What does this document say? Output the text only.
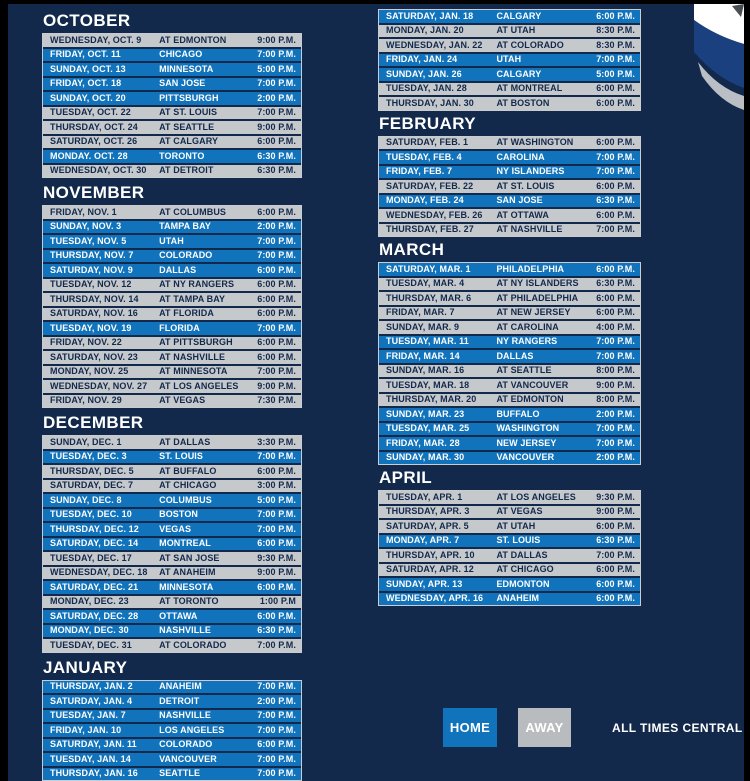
OCTOBER
WEDNESDAY, OCT. 9	AT EDMONTON	9:00 P.M.
FRIDAY, OCT. 11	CHICAGO	7:00 P.M.
SUNDAY, OCT. 13	MINNESOTA	5:00 P.M.
FRIDAY, OCT. 18	SAN JOSE	7:00 P.M.
SUNDAY, OCT. 20	PITTSBURGH	2:00 P.M.
TUESDAY, OCT. 22	AT ST. LOUIS	7:00 P.M.
THURSDAY, OCT. 24	AT SEATTLE	9:00 P.M.
SATURDAY, OCT. 26	AT CALGARY	6:00 P.M.
MONDAY. OCT. 28	TORONTO	6:30 P.M.
WEDNESDAY, OCT. 30	AT DETROIT	6:30 P.M.
NOVEMBER
FRIDAY, NOV. 1	AT COLUMBUS	6:00 P.M.
SUNDAY, NOV. 3	TAMPA BAY	2:00 P.M.
TUESDAY, NOV. 5	UTAH	7:00 P.M.
THURSDAY, NOV. 7	COLORADO	7:00 P.M.
SATURDAY, NOV. 9	DALLAS	6:00 P.M.
TUESDAY, NOV. 12	AT NY RANGERS	6:00 P.M.
THURSDAY, NOV. 14	AT TAMPA BAY	6:00 P.M.
SATURDAY, NOV. 16	AT FLORIDA	6:00 P.M.
TUESDAY, NOV. 19	FLORIDA	7:00 P.M.
FRIDAY, NOV. 22	AT PITTSBURGH	6:00 P.M.
SATURDAY, NOV. 23	AT NASHVILLE	6:00 P.M.
MONDAY, NOV. 25	AT MINNESOTA	7:00 P.M.
WEDNESDAY, NOV. 27	AT LOS ANGELES	9:00 P.M.
FRIDAY, NOV. 29	AT VEGAS	7:30 P.M.
DECEMBER
SUNDAY, DEC. 1	AT DALLAS	3:30 P.M.
TUESDAY, DEC. 3	ST. LOUIS	7:00 P.M.
THURSDAY, DEC. 5	AT BUFFALO	6:00 P.M.
SATURDAY, DEC. 7	AT CHICAGO	3:00 P.M.
SUNDAY, DEC. 8	COLUMBUS	5:00 P.M.
TUESDAY, DEC. 10	BOSTON	7:00 P.M.
THURSDAY, DEC. 12	VEGAS	7:00 P.M.
SATURDAY, DEC. 14	MONTREAL	6:00 P.M.
TUESDAY, DEC. 17	AT SAN JOSE	9:30 P.M.
WEDNESDAY, DEC. 18	AT ANAHEIM	9:00 P.M.
SATURDAY, DEC. 21	MINNESOTA	6:00 P.M.
MONDAY, DEC. 23	AT TORONTO	1:00 P.M
SATURDAY, DEC. 28	OTTAWA	6:00 P.M.
MONDAY, DEC. 30	NASHVILLE	6:30 P.M.
TUESDAY, DEC. 31	AT COLORADO	7:00 P.M.
JANUARY
THURSDAY, JAN. 2	ANAHEIM	7:00 P.M.
SATURDAY, JAN. 4	DETROIT	2:00 P.M.
TUESDAY, JAN. 7	NASHVILLE	7:00 P.M.
FRIDAY, JAN. 10	LOS ANGELES	7:00 P.M.
SATURDAY, JAN. 11	COLORADO	6:00 P.M.
TUESDAY, JAN. 14	VANCOUVER	7:00 P.M.
THURSDAY, JAN. 16	SEATTLE	7:00 P.M.
SATURDAY, JAN. 18	CALGARY	6:00 P.M.
MONDAY, JAN. 20	AT UTAH	8:30 P.M.
WEDNESDAY, JAN. 22	AT COLORADO	8:30 P.M.
FRIDAY, JAN. 24	UTAH	7:00 P.M.
SUNDAY, JAN. 26	CALGARY	5:00 P.M.
TUESDAY, JAN. 28	AT MONTREAL	6:00 P.M.
THURSDAY, JAN. 30	AT BOSTON	6:00 P.M.
FEBRUARY
SATURDAY, FEB. 1	AT WASHINGTON	6:00 P.M.
TUESDAY, FEB. 4	CAROLINA	7:00 P.M.
FRIDAY, FEB. 7	NY ISLANDERS	7:00 P.M.
SATURDAY, FEB. 22	AT ST. LOUIS	6:00 P.M.
MONDAY, FEB. 24	SAN JOSE	6:30 P.M.
WEDNESDAY, FEB. 26	AT OTTAWA	6:00 P.M.
THURSDAY, FEB. 27	AT NASHVILLE	7:00 P.M.
MARCH
SATURDAY, MAR. 1	PHILADELPHIA	6:00 P.M.
TUESDAY, MAR. 4	AT NY ISLANDERS	6:30 P.M.
THURSDAY, MAR. 6	AT PHILADELPHIA	6:00 P.M.
FRIDAY, MAR. 7	AT NEW JERSEY	6:00 P.M.
SUNDAY, MAR. 9	AT CAROLINA	4:00 P.M.
TUESDAY, MAR. 11	NY RANGERS	7:00 P.M.
FRIDAY, MAR. 14	DALLAS	7:00 P.M.
SUNDAY, MAR. 16	AT SEATTLE	8:00 P.M.
TUESDAY, MAR. 18	AT VANCOUVER	9:00 P.M.
THURSDAY, MAR. 20	AT EDMONTON	8:00 P.M.
SUNDAY, MAR. 23	BUFFALO	2:00 P.M.
TUESDAY, MAR. 25	WASHINGTON	7:00 P.M.
FRIDAY, MAR. 28	NEW JERSEY	7:00 P.M.
SUNDAY, MAR. 30	VANCOUVER	2:00 P.M.
APRIL
TUESDAY, APR. 1	AT LOS ANGELES	9:30 P.M.
THURSDAY, APR. 3	AT VEGAS	9:00 P.M.
SATURDAY, APR. 5	AT UTAH	6:00 P.M.
MONDAY, APR. 7	ST. LOUIS	6:30 P.M.
THURSDAY, APR. 10	AT DALLAS	7:00 P.M.
SATURDAY, APR. 12	AT CHICAGO	6:00 P.M.
SUNDAY, APR. 13	EDMONTON	6:00 P.M.
WEDNESDAY, APR. 16	ANAHEIM	6:00 P.M.
HOME	AWAY	ALL TIMES CENTRAL
